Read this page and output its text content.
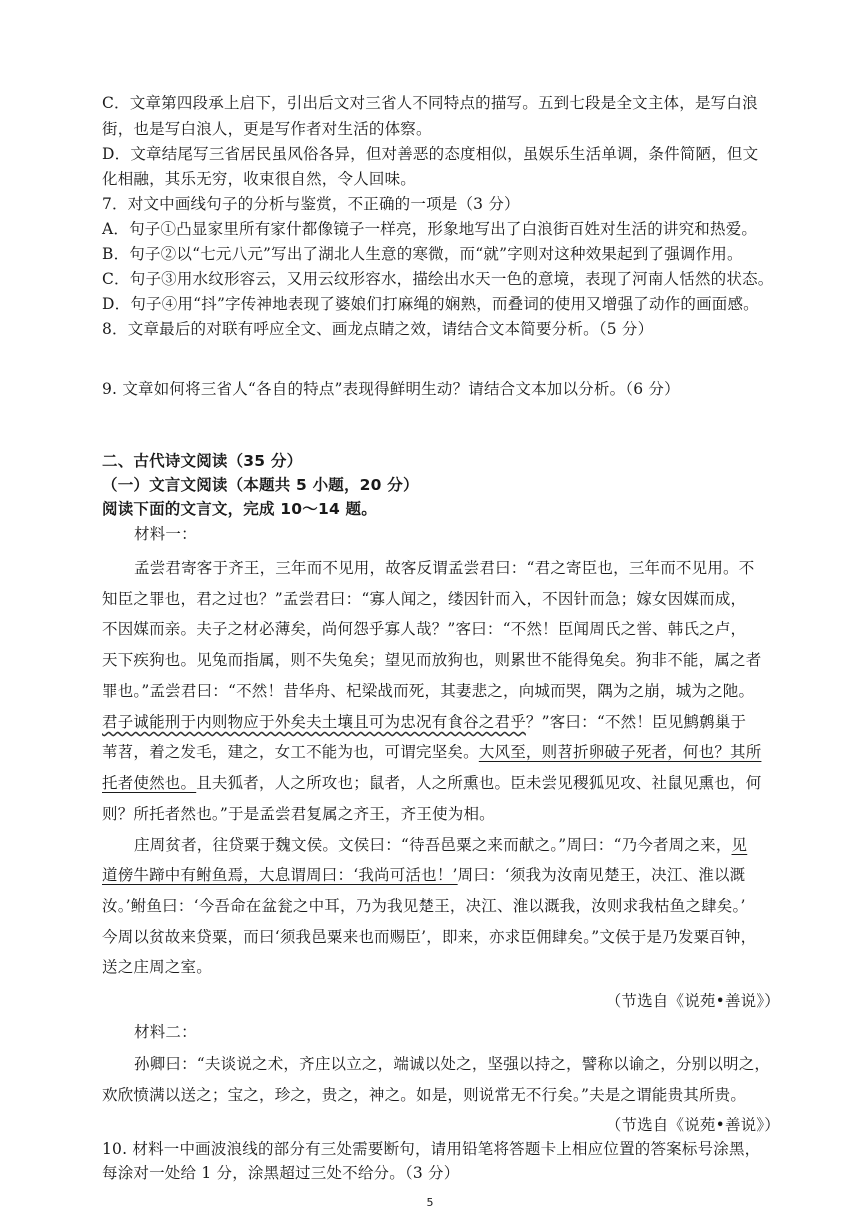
C．文章第四段承上启下，引出后文对三省人不同特点的描写。五到七段是全文主体，是写白浪
街，也是写白浪人，更是写作者对生活的体察。
D．文章结尾写三省居民虽风俗各异，但对善恶的态度相似，虽娱乐生活单调，条件简陋，但文
化相融，其乐无穷，收束很自然，令人回味。
7．对文中画线句子的分析与鉴赏，不正确的一项是（3 分）
A．句子①凸显家里所有家什都像镜子一样亮，形象地写出了白浪街百姓对生活的讲究和热爱。
B．句子②以“七元八元”写出了湖北人生意的寒微，而“就”字则对这种效果起到了强调作用。
C．句子③用水纹形容云，又用云纹形容水，描绘出水天一色的意境，表现了河南人恬然的状态。
D．句子④用“抖”字传神地表现了婆娘们打麻绳的娴熟，而叠词的使用又增强了动作的画面感。
8．文章最后的对联有呼应全文、画龙点睛之效，请结合文本简要分析。（5 分）
9. 文章如何将三省人“各自的特点”表现得鲜明生动？请结合文本加以分析。（6 分）
二、古代诗文阅读（35 分）
（一）文言文阅读（本题共 5 小题，20 分）
阅读下面的文言文，完成 10～14 题。
材料一：
孟尝君寄客于齐王，三年而不见用，故客反谓孟尝君曰：“君之寄臣也，三年而不见用。不
知臣之罪也，君之过也？”孟尝君曰：“寡人闻之，缕因针而入，不因针而急；嫁女因媒而成，
不因媒而亲。夫子之材必薄矣，尚何怨乎寡人哉？”客曰：“不然！臣闻周氏之喾、韩氏之卢，
天下疾狗也。见兔而指属，则不失兔矣；望见而放狗也，则累世不能得兔矣。狗非不能，属之者
罪也。”孟尝君曰：“不然！昔华舟、杞梁战而死，其妻悲之，向城而哭，隅为之崩，城为之阤。
君子诚能刑于内则物应于外矣夫土壤且可为忠况有食谷之君乎？”客曰：“不然！臣见鹪鹩巢于
苇苕，着之发毛，建之，女工不能为也，可谓完坚矣。大风至，则苕折卵破子死者，何也？其所
托者使然也。且夫狐者，人之所攻也；鼠者，人之所熏也。臣未尝见稷狐见攻、社鼠见熏也，何
则？所托者然也。”于是孟尝君复属之齐王，齐王使为相。
庄周贫者，往贷粟于魏文侯。文侯曰：“待吾邑粟之来而献之。”周曰：“乃今者周之来，见
道傍牛蹄中有鲋鱼焉，大息谓周曰：‘我尚可活也！’周曰：‘须我为汝南见楚王，决江、淮以溉
汝。’鲋鱼曰：‘今吾命在盆瓮之中耳，乃为我见楚王，决江、淮以溉我，汝则求我枯鱼之肆矣。’
今周以贫故来贷粟，而曰‘须我邑粟来也而赐臣’，即来，亦求臣佣肆矣。”文侯于是乃发粟百钟，
送之庄周之室。
（节选自《说苑•善说》）
材料二：
孙卿曰：“夫谈说之术，齐庄以立之，端诚以处之，坚强以持之，譬称以谕之，分别以明之，
欢欣愤满以送之；宝之，珍之，贵之，神之。如是，则说常无不行矣。”夫是之谓能贵其所贵。
（节选自《说苑•善说》）
10. 材料一中画波浪线的部分有三处需要断句，请用铅笔将答题卡上相应位置的答案标号涂黑，
每涂对一处给 1 分，涂黑超过三处不给分。（3 分）
5
